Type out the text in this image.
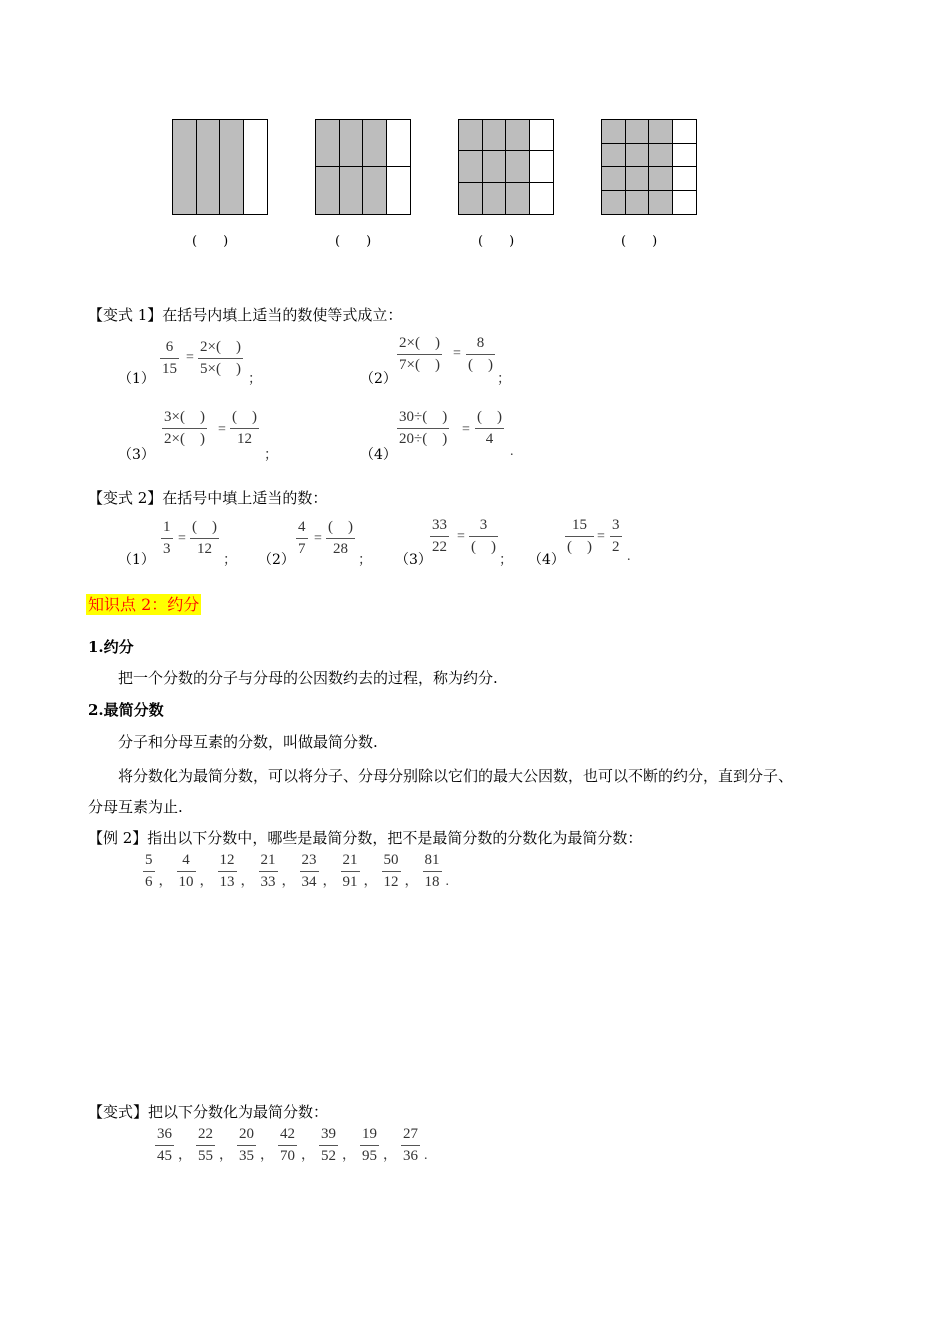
(　　)	(　　)	(　　)	(　　)
【变式 1】在括号内填上适当的数使等式成立：
（1）
6
15
=
2×(　)
5×(　)
；	（2）
2×(　)
7×(　)
=
8
(　)
；
（3）
3×(　)
2×(　)
=
(　)
12
；	（4）
30÷(　)
20÷(　)
=
(　)
4
.
【变式 2】在括号中填上适当的数：
（1）
1
3
=
(　)
12
； （2）
4
7
=
(　)
28
； （3）
33
22
=
3
(　)
； （4）
15
(　)
=
3
2
.
知识点 2：约分
1.约分
把一个分数的分子与分母的公因数约去的过程，称为约分.
2.最简分数
分子和分母互素的分数，叫做最简分数.
将分数化为最简分数，可以将分子、分母分别除以它们的最大公因数，也可以不断的约分，直到分子、
分母互素为止.
【例 2】指出以下分数中，哪些是最简分数，把不是最简分数的分数化为最简分数：
$\frac{5}{6}$ ， $\frac{4}{10}$ ， $\frac{12}{13}$ ， $\frac{21}{33}$ ， $\frac{23}{34}$ ， $\frac{21}{91}$ ， $\frac{50}{12}$ ， $\frac{81}{18}$ .
【变式】把以下分数化为最简分数：
$\frac{36}{45}$ ， $\frac{22}{55}$ ， $\frac{20}{35}$ ， $\frac{42}{70}$ ， $\frac{39}{52}$ ， $\frac{19}{95}$ ， $\frac{27}{36}$ .
